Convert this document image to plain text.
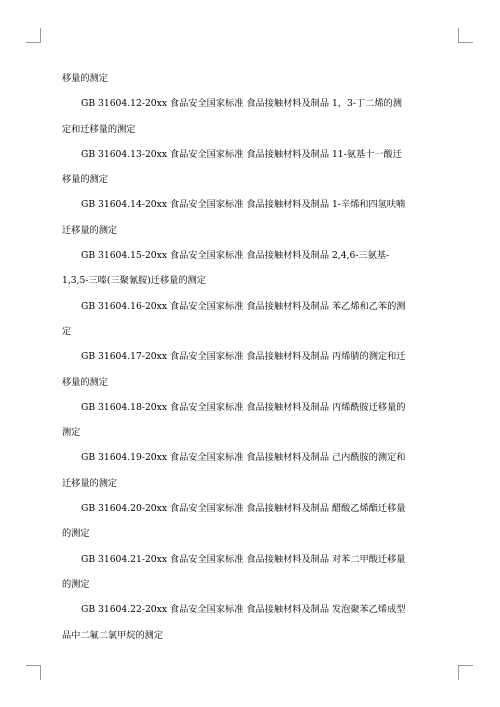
移量的测定
GB 31604.12-20xx 食品安全国家标准 食品接触材料及制品 1，3-丁二烯的测
定和迁移量的测定
GB 31604.13-20xx 食品安全国家标准 食品接触材料及制品 11-氨基十一酸迁
移量的测定
GB 31604.14-20xx 食品安全国家标准 食品接触材料及制品 1-辛烯和四氢呋喃
迁移量的测定
GB 31604.15-20xx 食品安全国家标准 食品接触材料及制品 2,4,6-三氨基-
1,3,5-三嗪(三聚氰胺)迁移量的测定
GB 31604.16-20xx 食品安全国家标准 食品接触材料及制品 苯乙烯和乙苯的测
定
GB 31604.17-20xx 食品安全国家标准 食品接触材料及制品 丙烯腈的测定和迁
移量的测定
GB 31604.18-20xx 食品安全国家标准 食品接触材料及制品 丙烯酰胺迁移量的
测定
GB 31604.19-20xx 食品安全国家标准 食品接触材料及制品 己内酰胺的测定和
迁移量的测定
GB 31604.20-20xx 食品安全国家标准 食品接触材料及制品 醋酸乙烯酯迁移量
的测定
GB 31604.21-20xx 食品安全国家标准 食品接触材料及制品 对苯二甲酸迁移量
的测定
GB 31604.22-20xx 食品安全国家标准 食品接触材料及制品 发泡聚苯乙烯成型
品中二氟二氯甲烷的测定
